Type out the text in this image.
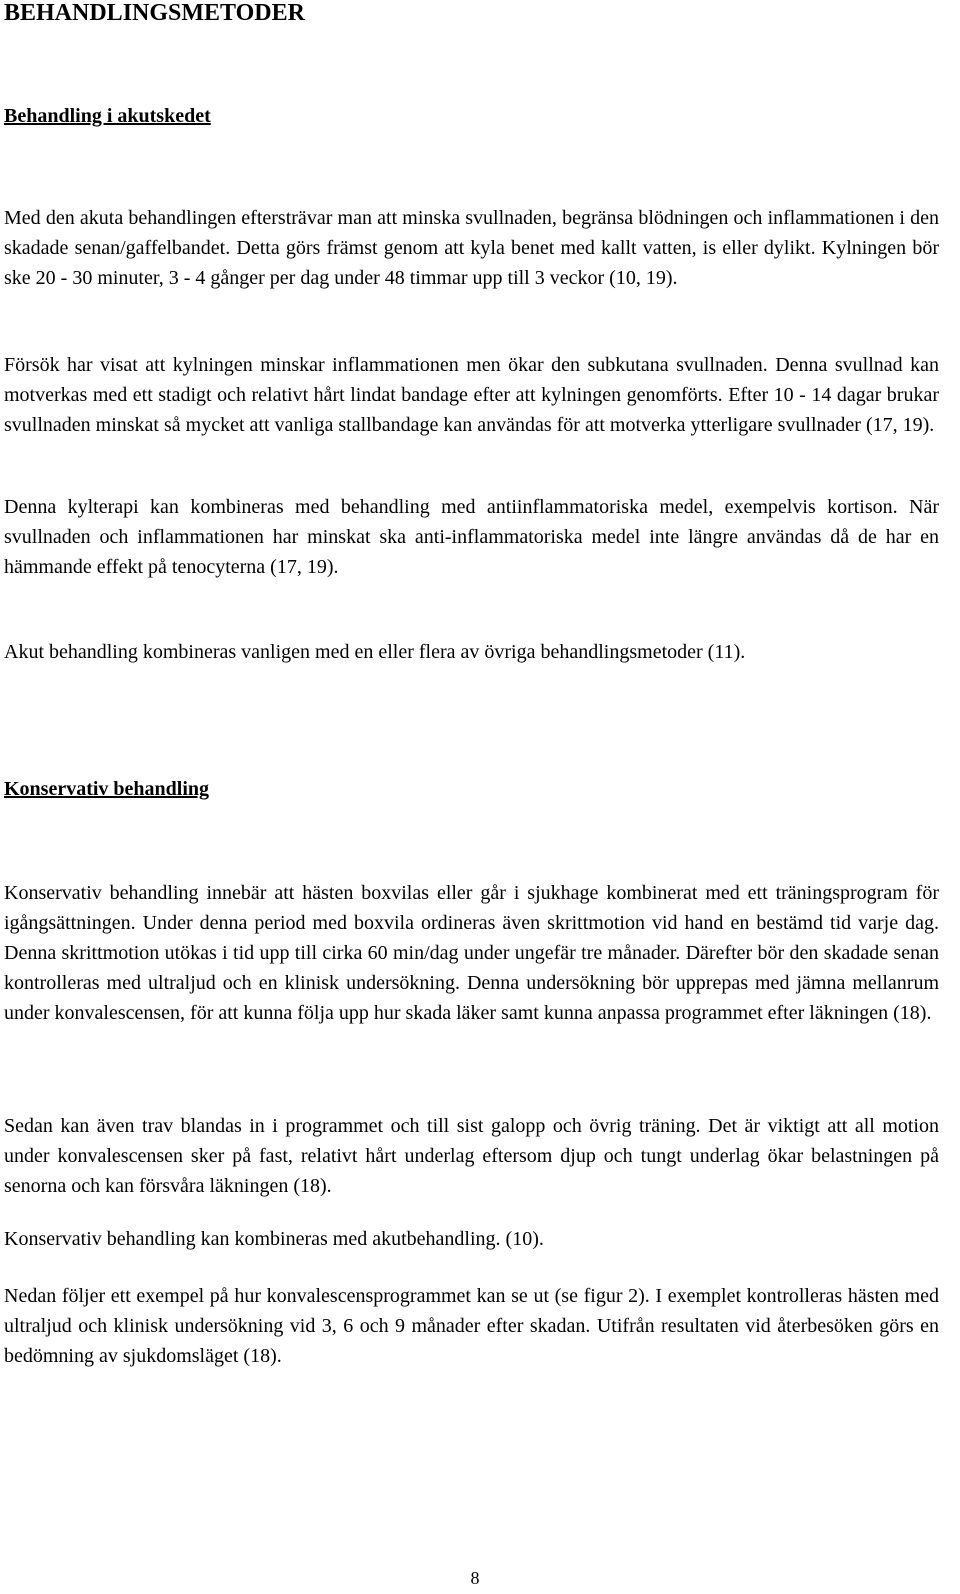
BEHANDLINGSMETODER
Behandling i akutskedet

Med den akuta behandlingen eftersträvar man att minska svullnaden, begränsa blödningen och inflammationen i den skadade senan/gaffelbandet. Detta görs främst genom att kyla benet med kallt vatten, is eller dylikt. Kylningen bör ske 20 - 30 minuter, 3 - 4 gånger per dag under 48 timmar upp till 3 veckor (10, 19).

Försök har visat att kylningen minskar inflammationen men ökar den subkutana svullnaden. Denna svullnad kan motverkas med ett stadigt och relativt hårt lindat bandage efter att kylningen genomförts. Efter 10 - 14 dagar brukar svullnaden minskat så mycket att vanliga stallbandage kan användas för att motverka ytterligare svullnader (17, 19).

Denna kylterapi kan kombineras med behandling med antiinflammatoriska medel, exempelvis kortison. När svullnaden och inflammationen har minskat ska anti-inflammatoriska medel inte längre användas då de har en hämmande effekt på tenocyterna (17, 19).

Akut behandling kombineras vanligen med en eller flera av övriga behandlingsmetoder (11).

Konservativ behandling

Konservativ behandling innebär att hästen boxvilas eller går i sjukhage kombinerat med ett träningsprogram för igångsättningen. Under denna period med boxvila ordineras även skrittmotion vid hand en bestämd tid varje dag. Denna skrittmotion utökas i tid upp till cirka 60 min/dag under ungefär tre månader. Därefter bör den skadade senan kontrolleras med ultraljud och en klinisk undersökning. Denna undersökning bör upprepas med jämna mellanrum under konvalescensen, för att kunna följa upp hur skada läker samt kunna anpassa programmet efter läkningen (18).

Sedan kan även trav blandas in i programmet och till sist galopp och övrig träning. Det är viktigt att all motion under konvalescensen sker på fast, relativt hårt underlag eftersom djup och tungt underlag ökar belastningen på senorna och kan försvåra läkningen (18).

Konservativ behandling kan kombineras med akutbehandling. (10).

Nedan följer ett exempel på hur konvalescensprogrammet kan se ut (se figur 2). I exemplet kontrolleras hästen med ultraljud och klinisk undersökning vid 3, 6 och 9 månader efter skadan. Utifrån resultaten vid återbesöken görs en bedömning av sjukdomsläget (18).

8
